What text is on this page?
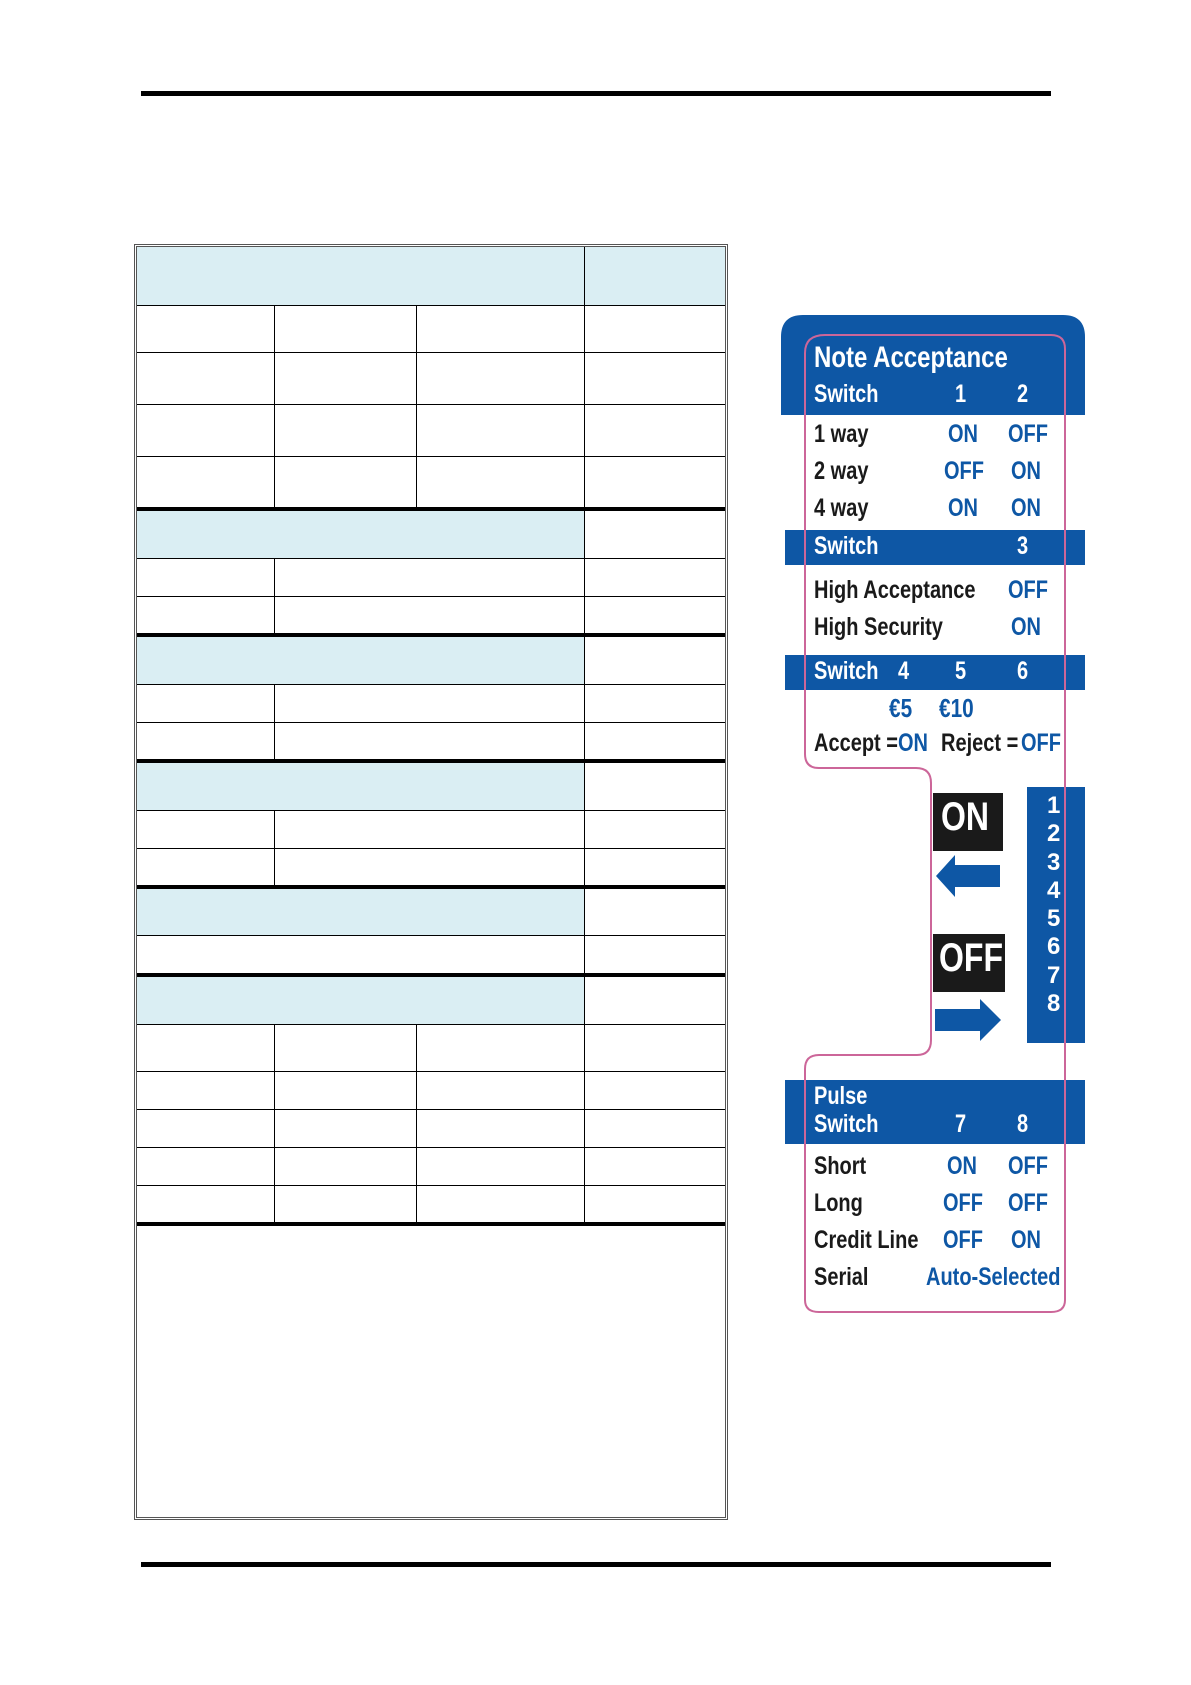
Note Acceptance
Switch	1 2
1 way	ON OFF
2 way	OFF ON
4 way	ON ON
Switch	3
High Acceptance OFF
High Security	ON
Switch 4 5 6
€5 €10
Accept = ON Reject = OFF
ON
OFF
1
2
3
4
5
6
7
8
Pulse
Switch	7 8
Short	ON OFF
Long	OFF OFF
Credit Line OFF ON
Serial Auto-Selected
